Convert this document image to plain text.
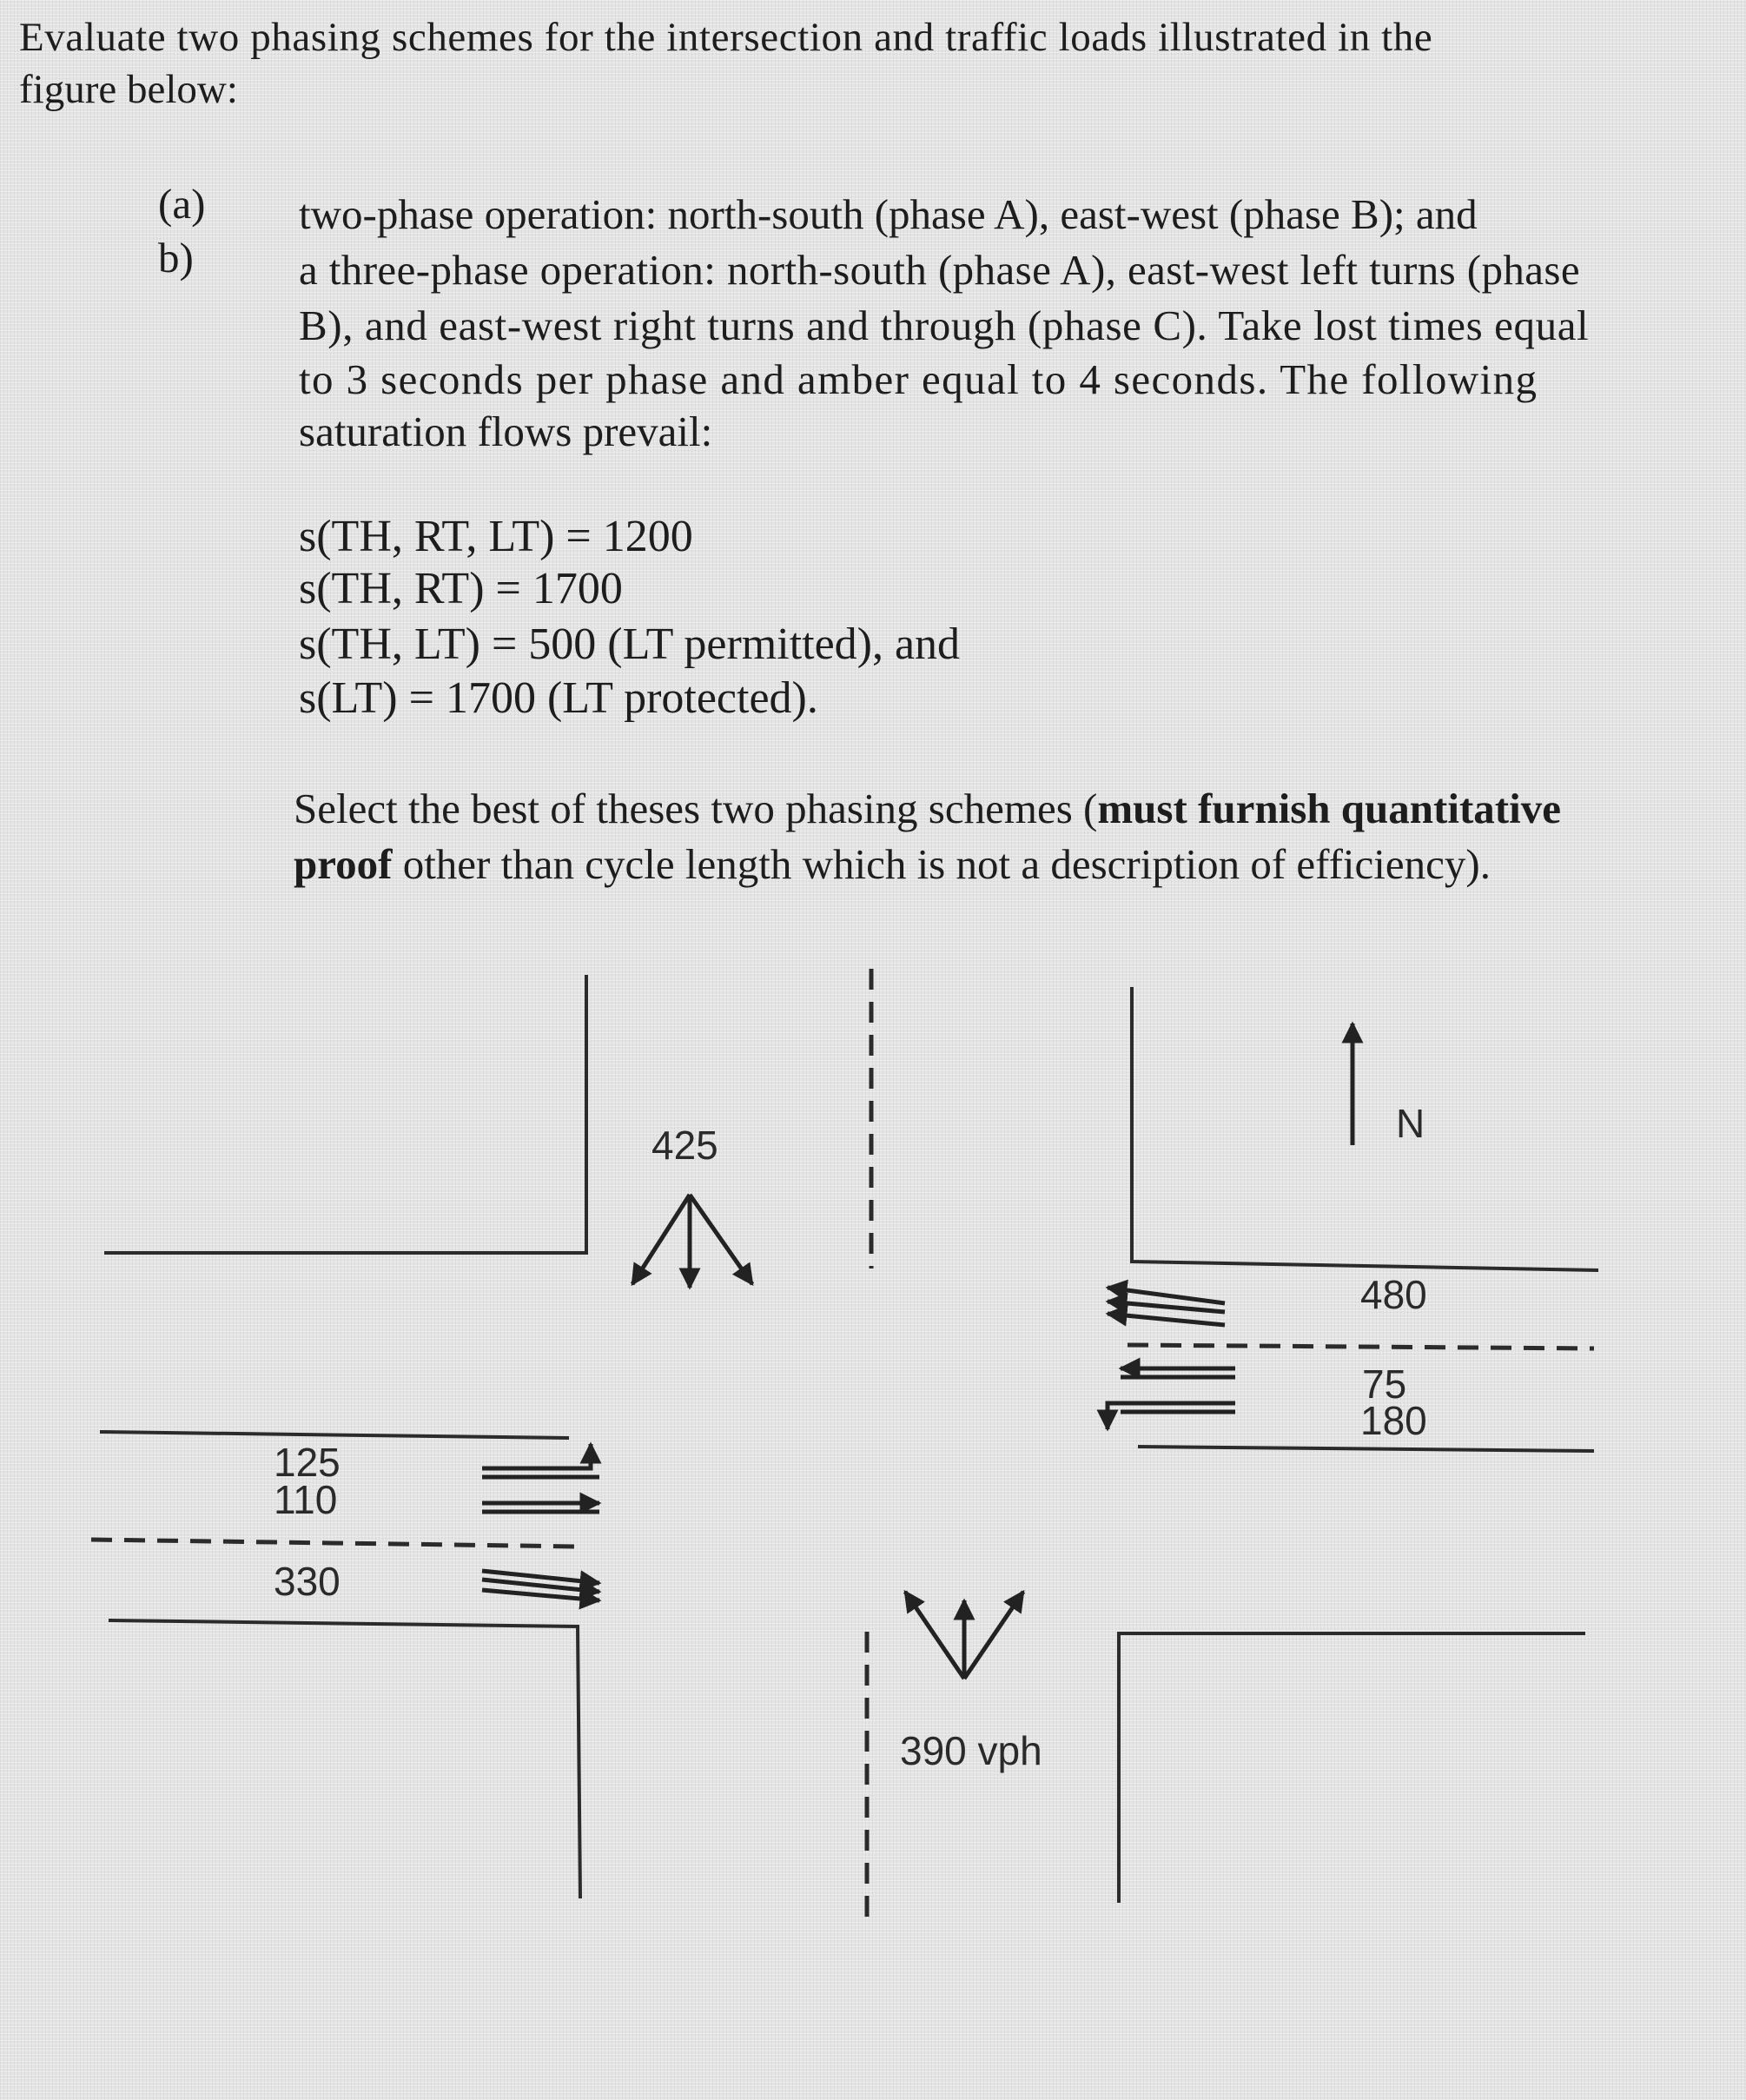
Evaluate two phasing schemes for the intersection and traffic loads illustrated in the
figure below:
(a)
b)
two-phase operation: north-south (phase A), east-west (phase B); and
a three-phase operation: north-south (phase A), east-west left turns (phase
B), and east-west right turns and through (phase C). Take lost times equal
to 3 seconds per phase and amber equal to 4 seconds. The following
saturation flows prevail:
s(TH, RT, LT) = 1200
s(TH, RT) = 1700
s(TH, LT) = 500 (LT permitted), and
s(LT) = 1700 (LT protected).
Select the best of theses two phasing schemes (must furnish quantitative
proof other than cycle length which is not a description of efficiency).
N
425
390 vph
480
75
180
125
110
330
